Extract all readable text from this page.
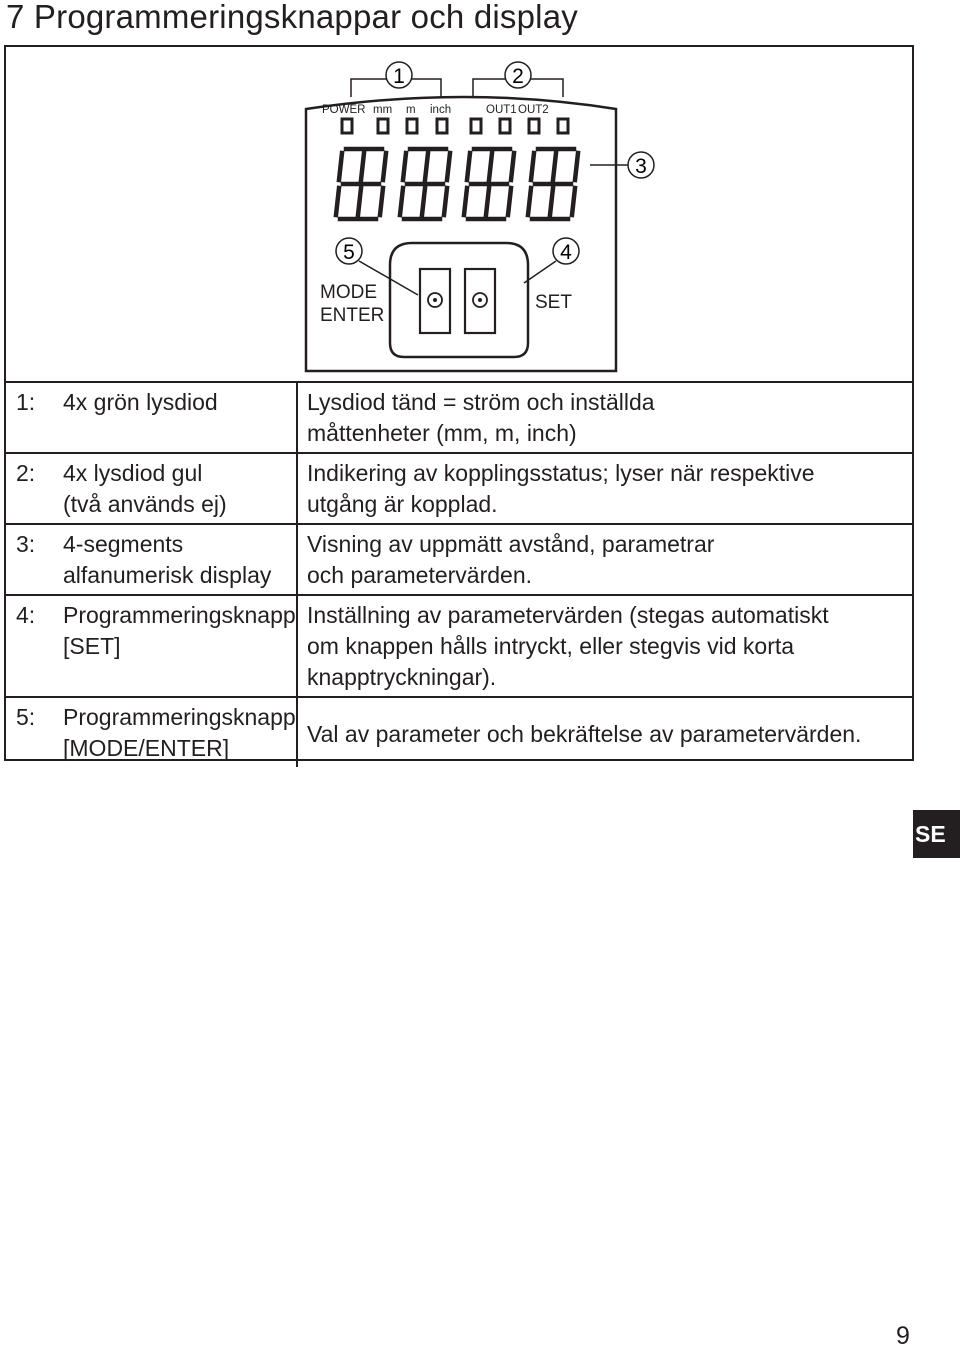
7 Programmeringsknappar och display
1	2
3
4
5
POWER mm m inch	OUT1 OUT2
MODE
ENTER
SET
1: 4x grön lysdiod	Lysdiod tänd = ström och inställda måttenheter (mm, m, inch)

2: 4x lysdiod gul (två används ej)	Indikering av kopplingsstatus; lyser när respektive utgång är kopplad.

3: 4-segments alfanumerisk display	Visning av uppmätt avstånd, parametrar och parametervärden.

4: Programmeringsknapp [SET]	Inställning av parametervärden (stegas automatiskt om knappen hålls intryckt, eller stegvis vid korta knapptryckningar).

5: Programmeringsknapp [MODE/ENTER]	Val av parameter och bekräftelse av parametervärden.
SE
9
